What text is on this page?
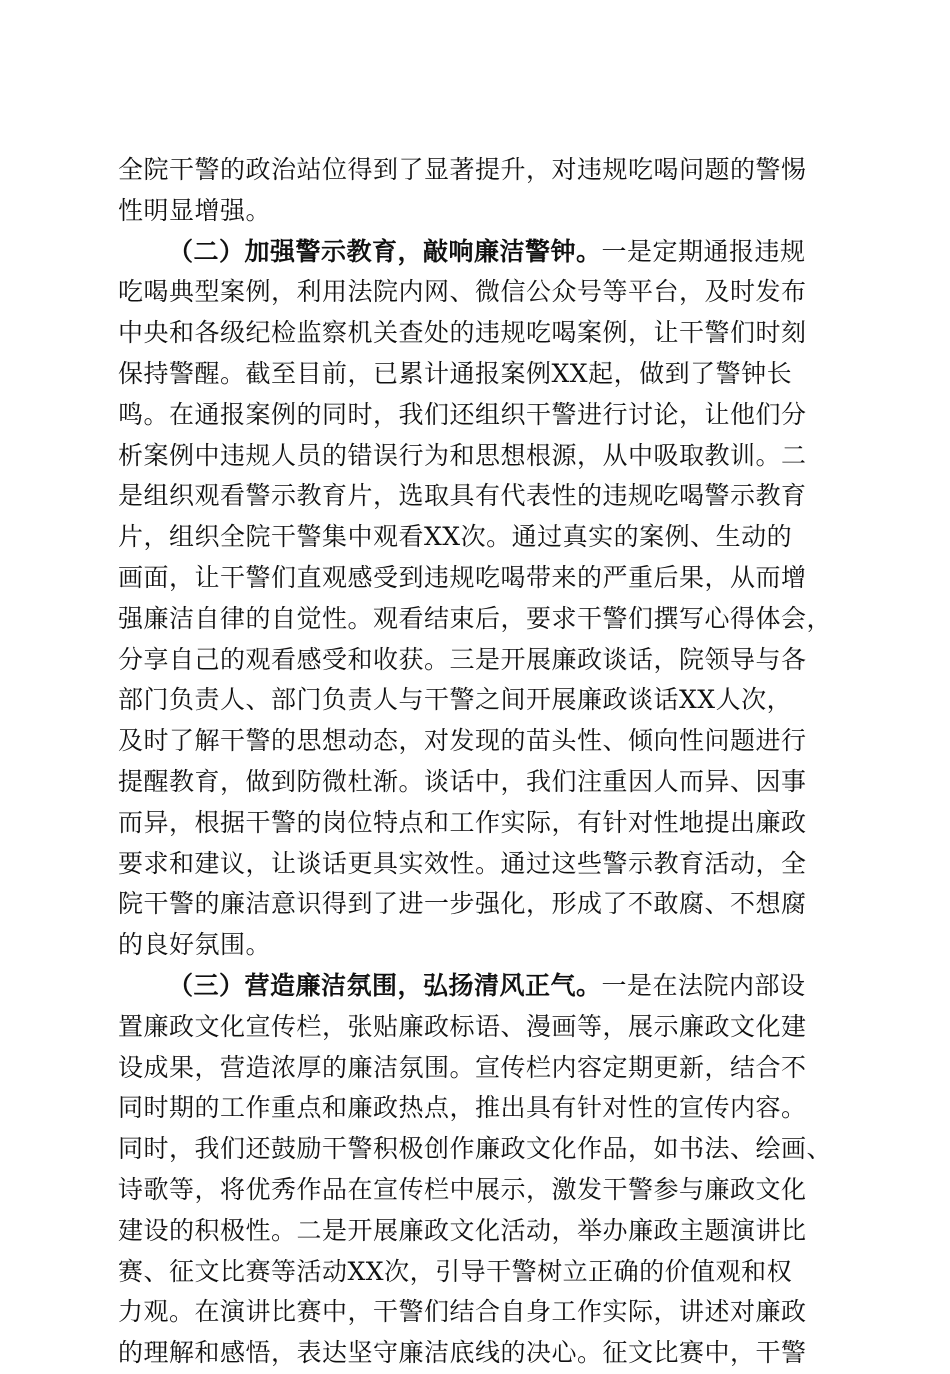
全院干警的政治站位得到了显著提升，对违规吃喝问题的警惕
性明显增强。
（二）加强警示教育，敲响廉洁警钟。一是定期通报违规
吃喝典型案例，利用法院内网、微信公众号等平台，及时发布
中央和各级纪检监察机关查处的违规吃喝案例，让干警们时刻
保持警醒。截至目前，已累计通报案例XX起，做到了警钟长
鸣。在通报案例的同时，我们还组织干警进行讨论，让他们分
析案例中违规人员的错误行为和思想根源，从中吸取教训。二
是组织观看警示教育片，选取具有代表性的违规吃喝警示教育
片，组织全院干警集中观看XX次。通过真实的案例、生动的
画面，让干警们直观感受到违规吃喝带来的严重后果，从而增
强廉洁自律的自觉性。观看结束后，要求干警们撰写心得体会，
分享自己的观看感受和收获。三是开展廉政谈话，院领导与各
部门负责人、部门负责人与干警之间开展廉政谈话XX人次，
及时了解干警的思想动态，对发现的苗头性、倾向性问题进行
提醒教育，做到防微杜渐。谈话中，我们注重因人而异、因事
而异，根据干警的岗位特点和工作实际，有针对性地提出廉政
要求和建议，让谈话更具实效性。通过这些警示教育活动，全
院干警的廉洁意识得到了进一步强化，形成了不敢腐、不想腐
的良好氛围。
（三）营造廉洁氛围，弘扬清风正气。一是在法院内部设
置廉政文化宣传栏，张贴廉政标语、漫画等，展示廉政文化建
设成果，营造浓厚的廉洁氛围。宣传栏内容定期更新，结合不
同时期的工作重点和廉政热点，推出具有针对性的宣传内容。
同时，我们还鼓励干警积极创作廉政文化作品，如书法、绘画、
诗歌等，将优秀作品在宣传栏中展示，激发干警参与廉政文化
建设的积极性。二是开展廉政文化活动，举办廉政主题演讲比
赛、征文比赛等活动XX次，引导干警树立正确的价值观和权
力观。在演讲比赛中，干警们结合自身工作实际，讲述对廉政
的理解和感悟，表达坚守廉洁底线的决心。征文比赛中，干警
